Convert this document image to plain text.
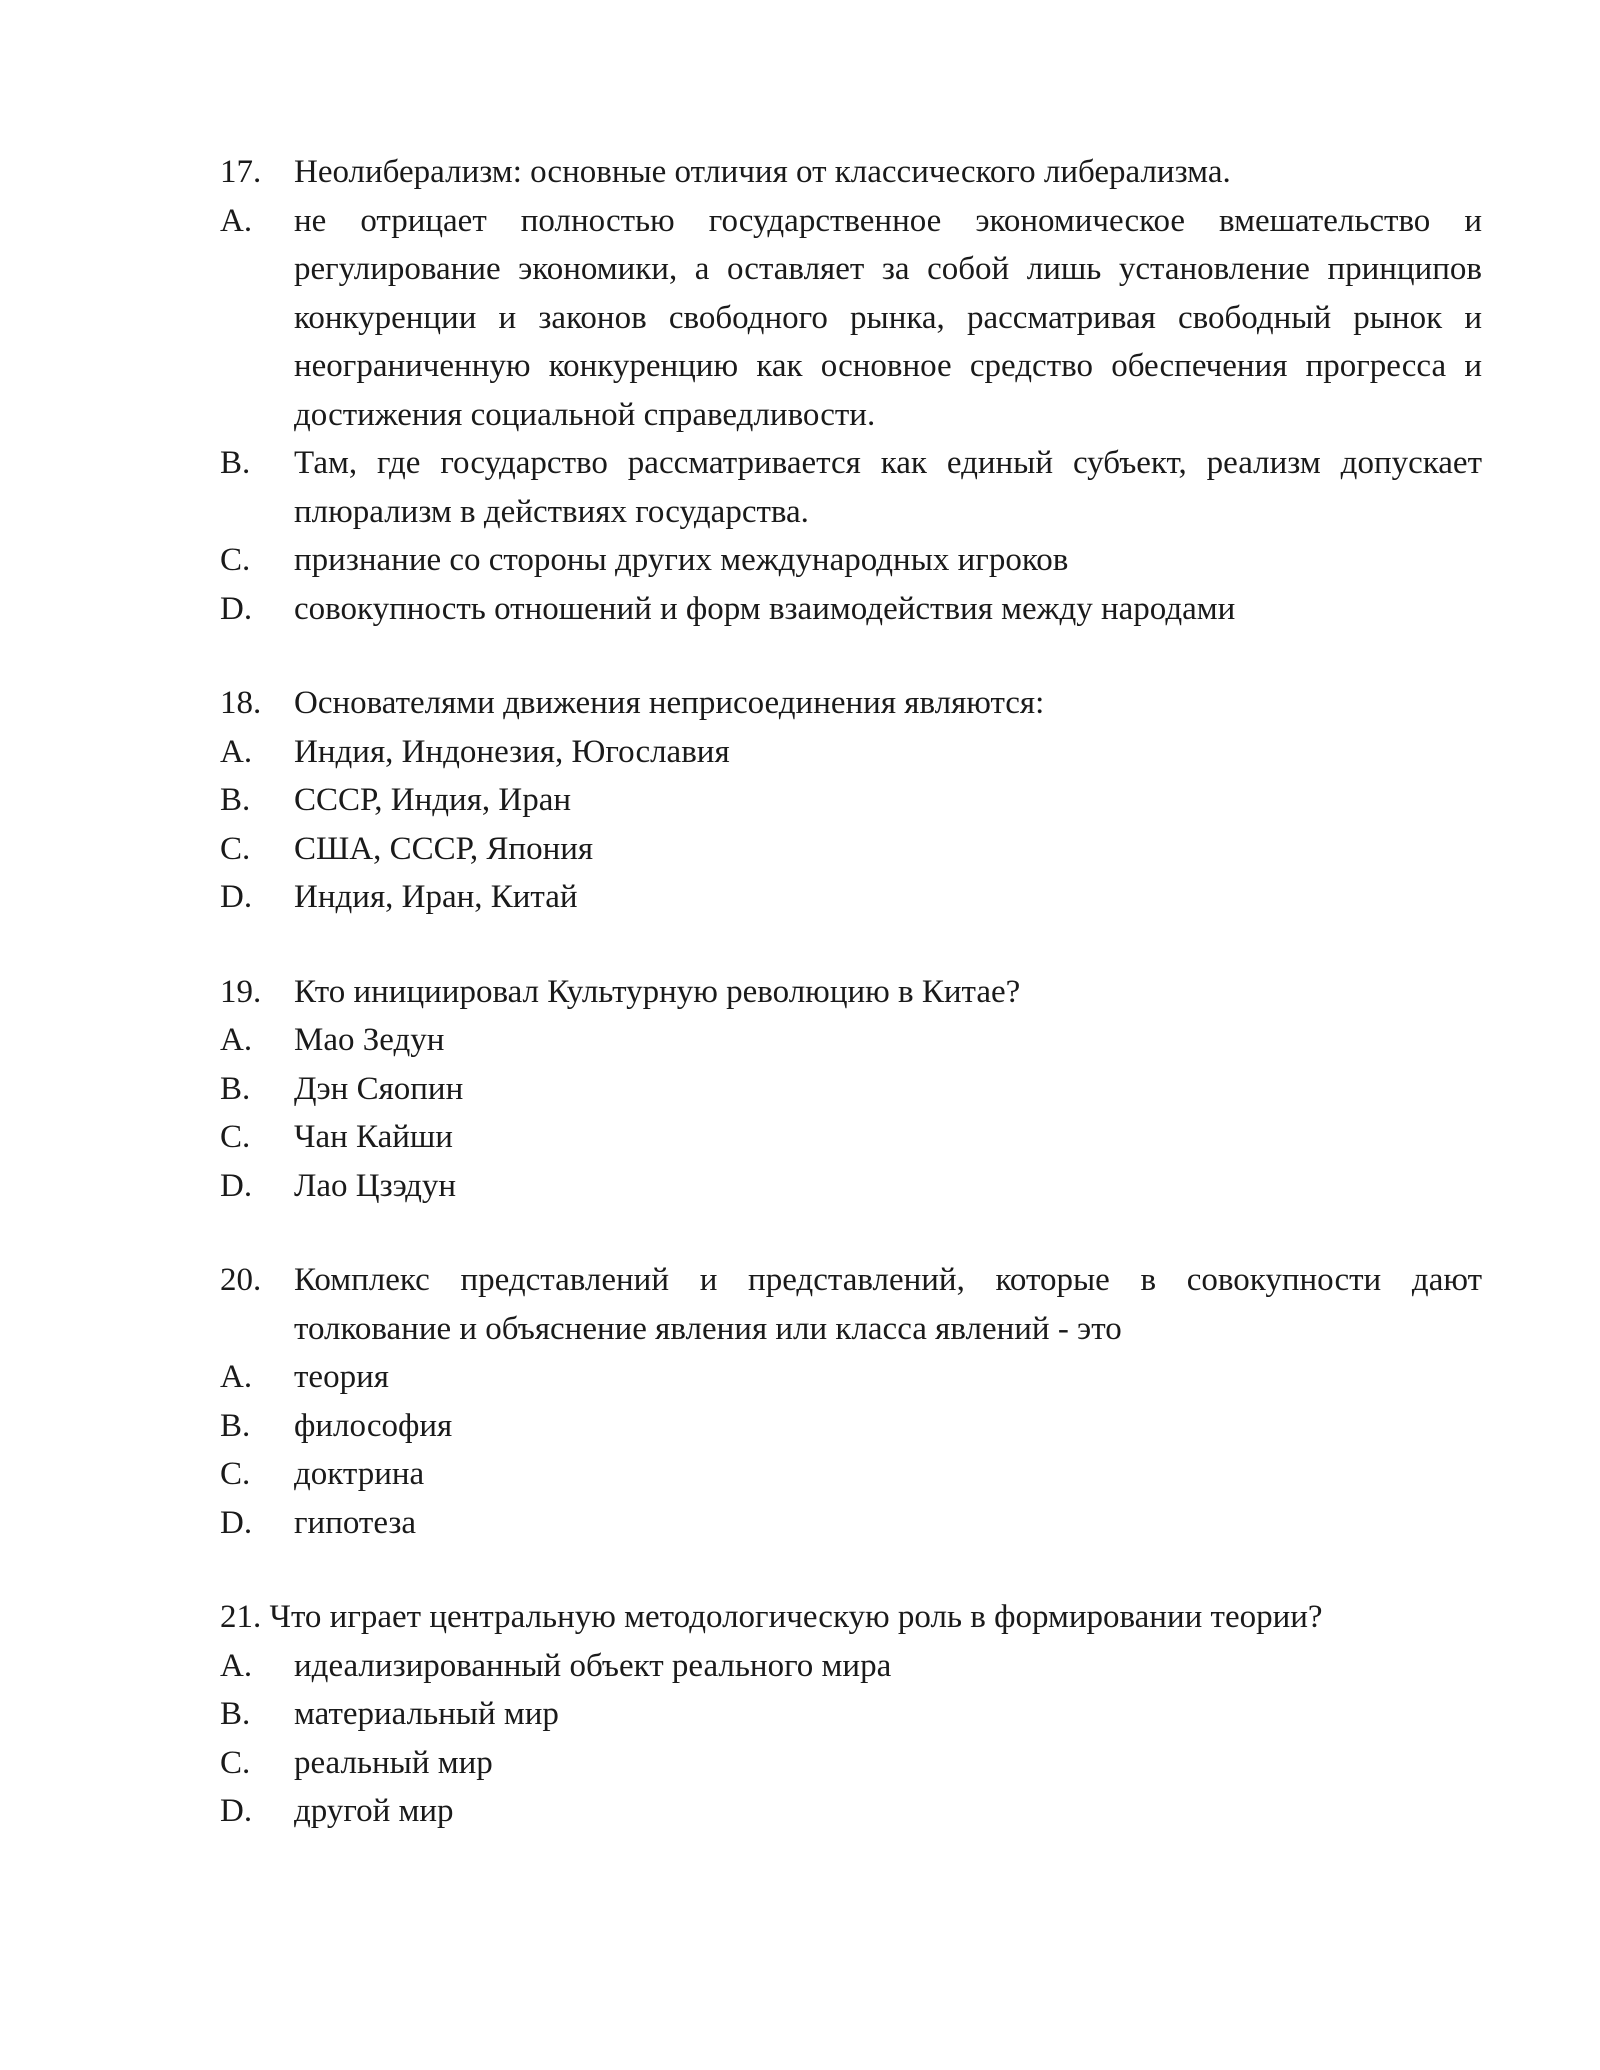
17. Неолиберализм: основные отличия от классического либерализма.
A.	не отрицает полностью государственное экономическое вмешательство и регулирование экономики, а оставляет за собой лишь установление принципов конкуренции и законов свободного рынка, рассматривая свободный рынок и неограниченную конкуренцию как основное средство обеспечения прогресса и достижения социальной справедливости.
B.	Там, где государство рассматривается как единый субъект, реализм допускает плюрализм в действиях государства.
C.	признание со стороны других международных игроков
D.	совокупность отношений и форм взаимодействия между народами
18. Основателями движения неприсоединения являются:
A.	Индия, Индонезия, Югославия
B.	СССР, Индия, Иран
C.	США, СССР, Япония
D.	Индия, Иран, Китай
19. Кто инициировал Культурную революцию в Китае?
A.	Мао Зедун
B.	Дэн Сяопин
C.	Чан Кайши
D.	Лао Цзэдун
20. Комплекс представлений и представлений, которые в совокупности дают толкование и объяснение явления или класса явлений - это
A.	теория
B.	философия
C.	доктрина
D.	гипотеза
21. Что играет центральную методологическую роль в формировании теории?
A.	идеализированный объект реального мира
B.	материальный мир
C.	реальный мир
D.	другой мир
